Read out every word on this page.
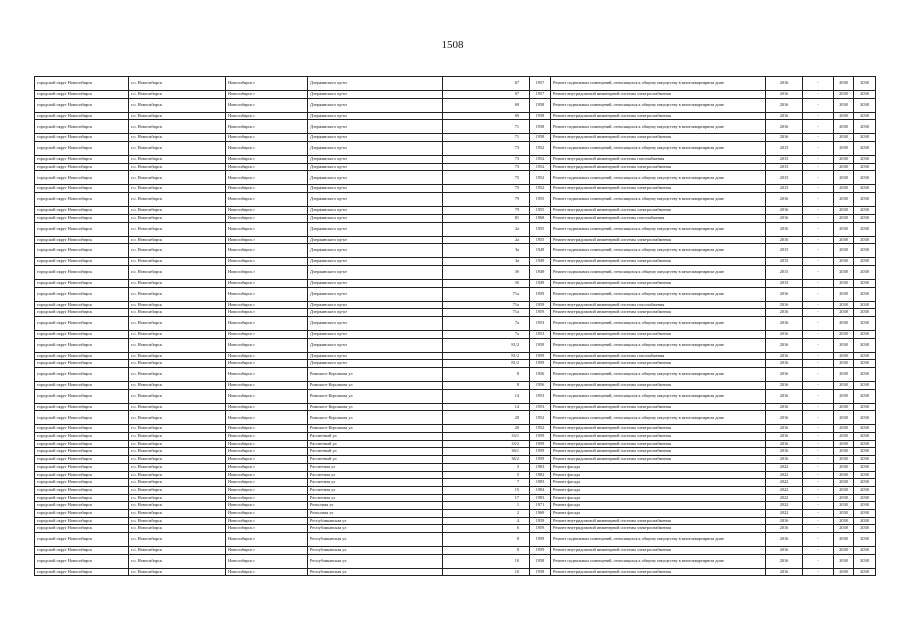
1508
городской округ Новосибирск	г.о. Новосибирск	Новосибирск г	Дзержинского пр-кт	67	1957	Ремонт подвальных помещений, относящихся к общему имуществу в многоквартирном доме	2016	-	2038	2038
городской округ Новосибирск	г.о. Новосибирск	Новосибирск г	Дзержинского пр-кт	67	1957	Ремонт внутридомовой инженерной системы электроснабжения	2016	-	2038	2038
городской округ Новосибирск	г.о. Новосибирск	Новосибирск г	Дзержинского пр-кт	69	1958	Ремонт подвальных помещений, относящихся к общему имуществу в многоквартирном доме	2016	-	2038	2038
городской округ Новосибирск	г.о. Новосибирск	Новосибирск г	Дзержинского пр-кт	69	1958	Ремонт внутридомовой инженерной системы электроснабжения	2016	-	2038	2038
городской округ Новосибирск	г.о. Новосибирск	Новосибирск г	Дзержинского пр-кт	71	1958	Ремонт подвальных помещений, относящихся к общему имуществу в многоквартирном доме	2016	-	2038	2038
городской округ Новосибирск	г.о. Новосибирск	Новосибирск г	Дзержинского пр-кт	71	1958	Ремонт внутридомовой инженерной системы электроснабжения	2016	-	2038	2038
городской округ Новосибирск	г.о. Новосибирск	Новосибирск г	Дзержинского пр-кт	73	1952	Ремонт подвальных помещений, относящихся к общему имуществу в многоквартирном доме	2015	-	2038	2038
городской округ Новосибирск	г.о. Новосибирск	Новосибирск г	Дзержинского пр-кт	73	1952	Ремонт внутридомовой инженерной системы газоснабжения	2015	-	2038	2038
городской округ Новосибирск	г.о. Новосибирск	Новосибирск г	Дзержинского пр-кт	73	1952	Ремонт внутридомовой инженерной системы электроснабжения	2015	-	2038	2038
городской округ Новосибирск	г.о. Новосибирск	Новосибирск г	Дзержинского пр-кт	75	1952	Ремонт подвальных помещений, относящихся к общему имуществу в многоквартирном доме	2015	-	2038	2038
городской округ Новосибирск	г.о. Новосибирск	Новосибирск г	Дзержинского пр-кт	75	1952	Ремонт внутридомовой инженерной системы электроснабжения	2015	-	2038	2038
городской округ Новосибирск	г.о. Новосибирск	Новосибирск г	Дзержинского пр-кт	79	1955	Ремонт подвальных помещений, относящихся к общему имуществу в многоквартирном доме	2016	-	2038	2038
городской округ Новосибирск	г.о. Новосибирск	Новосибирск г	Дзержинского пр-кт	79	1955	Ремонт внутридомовой инженерной системы электроснабжения	2016	-	2038	2038
городской округ Новосибирск	г.о. Новосибирск	Новосибирск г	Дзержинского пр-кт	81	1968	Ремонт внутридомовой инженерной системы газоснабжения	2016	-	2038	2038
городской округ Новосибирск	г.о. Новосибирск	Новосибирск г	Дзержинского пр-кт	2а	1955	Ремонт подвальных помещений, относящихся к общему имуществу в многоквартирном доме	2016	-	2038	2038
городской округ Новосибирск	г.о. Новосибирск	Новосибирск г	Дзержинского пр-кт	2а	1955	Ремонт внутридомовой инженерной системы электроснабжения	2016	-	2038	2038
городской округ Новосибирск	г.о. Новосибирск	Новосибирск г	Дзержинского пр-кт	3а	1949	Ремонт подвальных помещений, относящихся к общему имуществу в многоквартирном доме	2015	-	2038	2038
городской округ Новосибирск	г.о. Новосибирск	Новосибирск г	Дзержинского пр-кт	3а	1949	Ремонт внутридомовой инженерной системы электроснабжения	2015	-	2038	2038
городской округ Новосибирск	г.о. Новосибирск	Новосибирск г	Дзержинского пр-кт	3б	1949	Ремонт подвальных помещений, относящихся к общему имуществу в многоквартирном доме	2015	-	2038	2038
городской округ Новосибирск	г.о. Новосибирск	Новосибирск г	Дзержинского пр-кт	3б	1949	Ремонт внутридомовой инженерной системы электроснабжения	2015	-	2038	2038
городской округ Новосибирск	г.о. Новосибирск	Новосибирск г	Дзержинского пр-кт	71а	1959	Ремонт подвальных помещений, относящихся к общему имуществу в многоквартирном доме	2016	-	2038	2038
городской округ Новосибирск	г.о. Новосибирск	Новосибирск г	Дзержинского пр-кт	71а	1959	Ремонт внутридомовой инженерной системы газоснабжения	2016	-	2038	2038
городской округ Новосибирск	г.о. Новосибирск	Новосибирск г	Дзержинского пр-кт	71а	1959	Ремонт внутридомовой инженерной системы электроснабжения	2016	-	2038	2038
городской округ Новосибирск	г.о. Новосибирск	Новосибирск г	Дзержинского пр-кт	7а	1953	Ремонт подвальных помещений, относящихся к общему имуществу в многоквартирном доме	2016	-	2038	2038
городской округ Новосибирск	г.о. Новосибирск	Новосибирск г	Дзержинского пр-кт	7а	1953	Ремонт внутридомовой инженерной системы электроснабжения	2016	-	2038	2038
городской округ Новосибирск	г.о. Новосибирск	Новосибирск г	Дзержинского пр-кт	81/2	1959	Ремонт подвальных помещений, относящихся к общему имуществу в многоквартирном доме	2016	-	2038	2038
городской округ Новосибирск	г.о. Новосибирск	Новосибирск г	Дзержинского пр-кт	81/2	1959	Ремонт внутридомовой инженерной системы газоснабжения	2016	-	2038	2038
городской округ Новосибирск	г.о. Новосибирск	Новосибирск г	Дзержинского пр-кт	81/2	1959	Ремонт внутридомовой инженерной системы электроснабжения	2016	-	2038	2038
городской округ Новосибирск	г.о. Новосибирск	Новосибирск г	Римского-Корсакова ул	8	1956	Ремонт подвальных помещений, относящихся к общему имуществу в многоквартирном доме	2016	-	2038	2038
городской округ Новосибирск	г.о. Новосибирск	Новосибирск г	Римского-Корсакова ул	8	1956	Ремонт внутридомовой инженерной системы электроснабжения	2016	-	2038	2038
городской округ Новосибирск	г.о. Новосибирск	Новосибирск г	Римского-Корсакова ул	14	1953	Ремонт подвальных помещений, относящихся к общему имуществу в многоквартирном доме	2016	-	2038	2038
городской округ Новосибирск	г.о. Новосибирск	Новосибирск г	Римского-Корсакова ул	14	1953	Ремонт внутридомовой инженерной системы электроснабжения	2016	-	2038	2038
городской округ Новосибирск	г.о. Новосибирск	Новосибирск г	Римского-Корсакова ул	20	1952	Ремонт подвальных помещений, относящихся к общему имуществу в многоквартирном доме	2016	-	2038	2038
городской округ Новосибирск	г.о. Новосибирск	Новосибирск г	Римского-Корсакова ул	20	1952	Ремонт внутридомовой инженерной системы электроснабжения	2016	-	2038	2038
городской округ Новосибирск	г.о. Новосибирск	Новосибирск г	Рассветный ул	33/1	1959	Ремонт внутридомовой инженерной системы электроснабжения	2016	-	2038	2038
городской округ Новосибирск	г.о. Новосибирск	Новосибирск г	Рассветный ул	33/2	1959	Ремонт внутридомовой инженерной системы электроснабжения	2016	-	2038	2038
городской округ Новосибирск	г.о. Новосибирск	Новосибирск г	Рассветный ул	36/1	1959	Ремонт внутридомовой инженерной системы электроснабжения	2016	-	2038	2038
городской округ Новосибирск	г.о. Новосибирск	Новосибирск г	Рассветный ул	36/2	1959	Ремонт внутридомовой инженерной системы электроснабжения	2016	-	2038	2038
городской округ Новосибирск	г.о. Новосибирск	Новосибирск г	Рассветная ул	3	1963	Ремонт фасада	2022	-	2038	2038
городской округ Новосибирск	г.о. Новосибирск	Новосибирск г	Рассветная ул	5	1982	Ремонт фасада	2022	-	2038	2038
городской округ Новосибирск	г.о. Новосибирск	Новосибирск г	Рассветная ул	7	1983	Ремонт фасада	2022	-	2038	2038
городской округ Новосибирск	г.о. Новосибирск	Новосибирск г	Рассветная ул	15	1984	Ремонт фасада	2022	-	2038	2038
городской округ Новосибирск	г.о. Новосибирск	Новосибирск г	Рассветная ул	17	1983	Ремонт фасада	2022	-	2038	2038
городской округ Новосибирск	г.о. Новосибирск	Новосибирск г	Рельсовая ул	1	1971	Ремонт фасада	2022	-	2038	2038
городской округ Новосибирск	г.о. Новосибирск	Новосибирск г	Рельсовая ул	2	1969	Ремонт фасада	2022	-	2038	2038
городской округ Новосибирск	г.о. Новосибирск	Новосибирск г	Республиканская ул	4	1959	Ремонт внутридомовой инженерной системы электроснабжения	2016	-	2038	2038
городской округ Новосибирск	г.о. Новосибирск	Новосибирск г	Республиканская ул	6	1959	Ремонт внутридомовой инженерной системы электроснабжения	2016	-	2038	2038
городской округ Новосибирск	г.о. Новосибирск	Новосибирск г	Республиканская ул	8	1959	Ремонт подвальных помещений, относящихся к общему имуществу в многоквартирном доме	2016	-	2038	2038
городской округ Новосибирск	г.о. Новосибирск	Новосибирск г	Республиканская ул	8	1959	Ремонт внутридомовой инженерной системы электроснабжения	2016	-	2038	2038
городской округ Новосибирск	г.о. Новосибирск	Новосибирск г	Республиканская ул	10	1958	Ремонт подвальных помещений, относящихся к общему имуществу в многоквартирном доме	2016	-	2038	2038
городской округ Новосибирск	г.о. Новосибирск	Новосибирск г	Республиканская ул	10	1958	Ремонт внутридомовой инженерной системы электроснабжения	2016	-	2038	2038
